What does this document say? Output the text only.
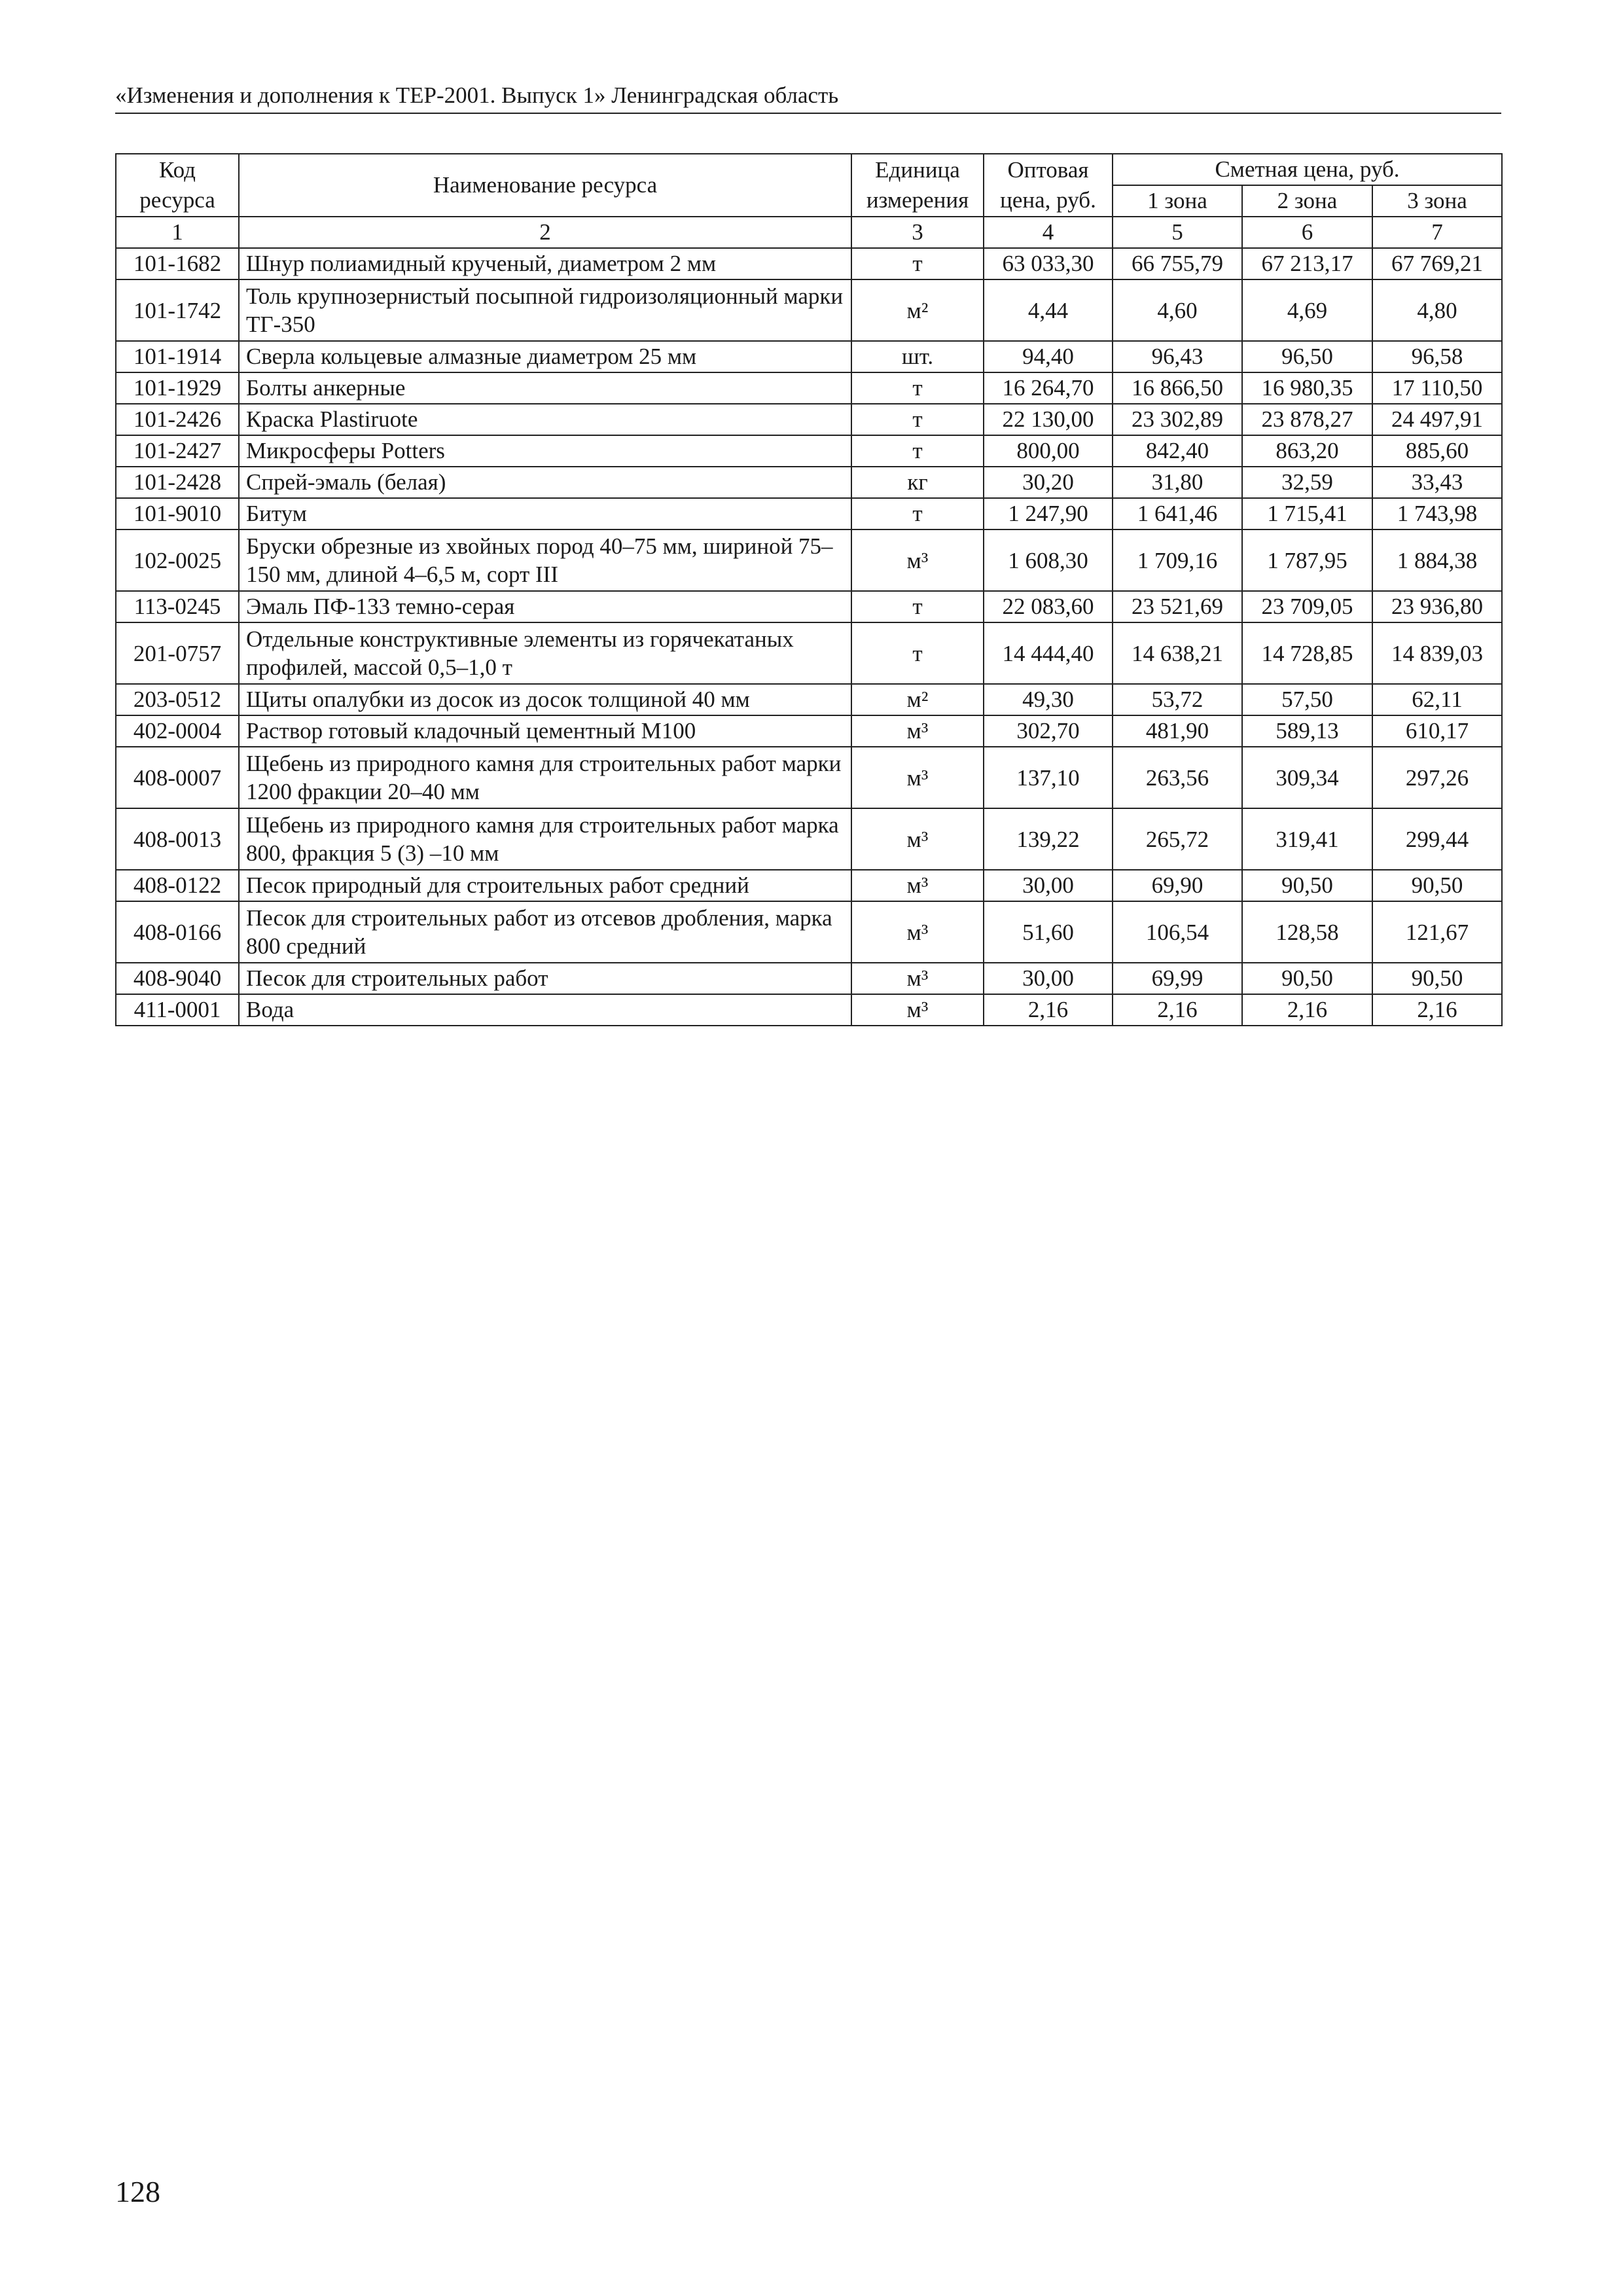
«Изменения и дополнения к ТЕР-2001. Выпуск 1» Ленинградская область
Код ресурса	Наименование ресурса	Единица измерения	Оптовая цена, руб.	Сметная цена, руб.		
				1 зона	2 зона	3 зона
1	2	3	4	5	6	7
101-1682	Шнур полиамидный крученый, диаметром 2 мм	т	63 033,30	66 755,79	67 213,17	67 769,21
101-1742	Толь крупнозернистый посыпной гидроизоляционный марки ТГ-350	м²	4,44	4,60	4,69	4,80
101-1914	Сверла кольцевые алмазные диаметром 25 мм	шт.	94,40	96,43	96,50	96,58
101-1929	Болты анкерные	т	16 264,70	16 866,50	16 980,35	17 110,50
101-2426	Краска Plastiruote	т	22 130,00	23 302,89	23 878,27	24 497,91
101-2427	Микросферы Potters	т	800,00	842,40	863,20	885,60
101-2428	Спрей-эмаль (белая)	кг	30,20	31,80	32,59	33,43
101-9010	Битум	т	1 247,90	1 641,46	1 715,41	1 743,98
102-0025	Бруски обрезные из хвойных пород 40–75 мм, шириной 75–150 мм, длиной 4–6,5 м, сорт III	м³	1 608,30	1 709,16	1 787,95	1 884,38
113-0245	Эмаль ПФ-133 темно-серая	т	22 083,60	23 521,69	23 709,05	23 936,80
201-0757	Отдельные конструктивные элементы из горячекатаных профилей, массой 0,5–1,0 т	т	14 444,40	14 638,21	14 728,85	14 839,03
203-0512	Щиты опалубки из досок из досок толщиной 40 мм	м²	49,30	53,72	57,50	62,11
402-0004	Раствор готовый кладочный цементный М100	м³	302,70	481,90	589,13	610,17
408-0007	Щебень из природного камня для строительных работ марки 1200 фракции 20–40 мм	м³	137,10	263,56	309,34	297,26
408-0013	Щебень из природного камня для строительных работ марка 800, фракция 5 (3) –10 мм	м³	139,22	265,72	319,41	299,44
408-0122	Песок природный для строительных работ средний	м³	30,00	69,90	90,50	90,50
408-0166	Песок для строительных работ из отсевов дробления, марка 800 средний	м³	51,60	106,54	128,58	121,67
408-9040	Песок для строительных работ	м³	30,00	69,99	90,50	90,50
411-0001	Вода	м³	2,16	2,16	2,16	2,16
128
